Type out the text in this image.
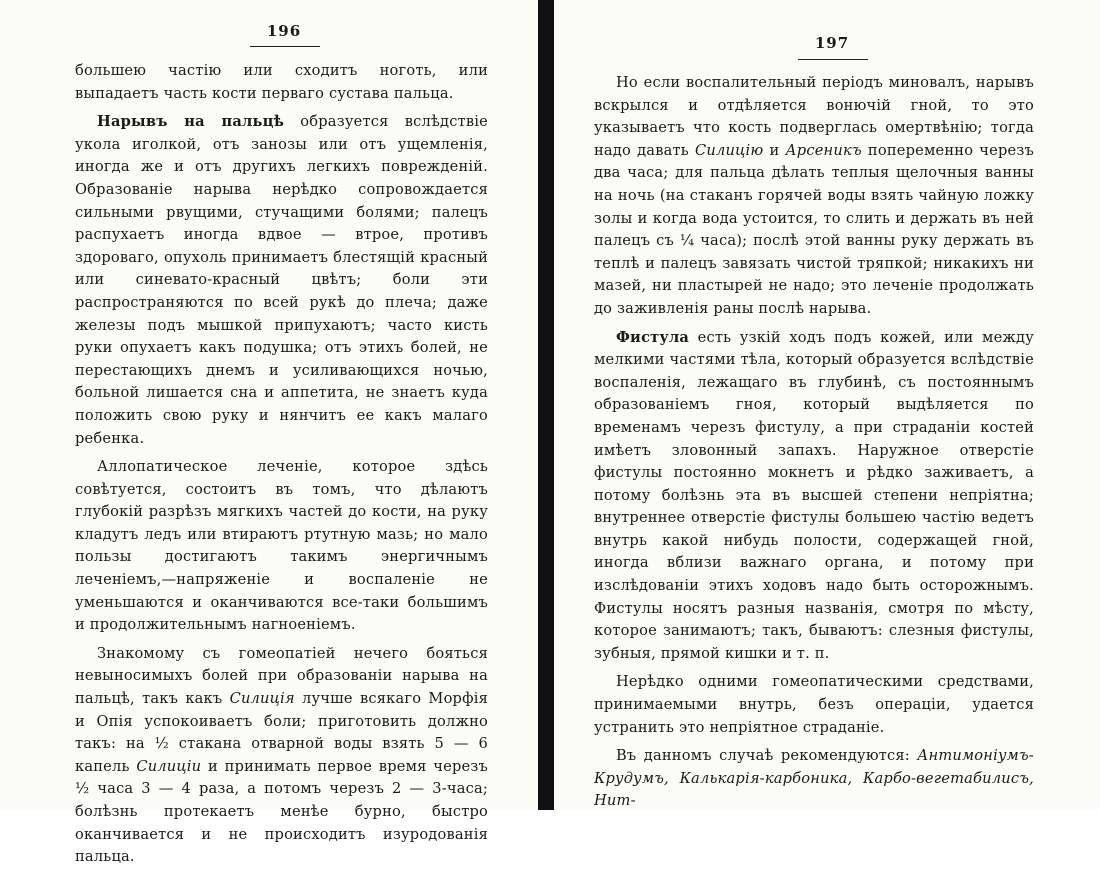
196

большею частію или сходитъ ноготь, или выпадаетъ часть кости перваго сустава пальца.

Нарывъ на пальцѣ образуется вслѣдствіе укола иголкой, отъ занозы или отъ ущемленія, иногда же и отъ другихъ легкихъ поврежденій. Образованіе нарыва нерѣдко сопровождается сильными рвущими, стучащими болями; палецъ распухаетъ иногда вдвое — втрое, противъ здороваго, опухоль принимаетъ блестящій красный или синевато-красный цвѣтъ; боли эти распространяются по всей рукѣ до плеча; даже железы подъ мышкой припухаютъ; часто кисть руки опухаетъ какъ подушка; отъ этихъ болей, не перестающихъ днемъ и усиливающихся ночью, больной лишается сна и аппетита, не знаетъ куда положить свою руку и нянчитъ ее какъ малаго ребенка.

Аллопатическое леченіе, которое здѣсь совѣтуется, состоитъ въ томъ, что дѣлаютъ глубокій разрѣзъ мягкихъ частей до кости, на руку кладутъ ледъ или втираютъ ртутную мазь; но мало пользы достигаютъ такимъ энергичнымъ леченіемъ,—напряженіе и воспаленіе не уменьшаются и оканчиваются все-таки большимъ и продолжительнымъ нагноеніемъ.

Знакомому съ гомеопатіей нечего бояться невыносимыхъ болей при образованіи нарыва на пальцѣ, такъ какъ Силиція лучше всякаго Морфія и Опія успокоиваетъ боли; приготовить должно такъ: на ½ стакана отварной воды взять 5 — 6 капель Силиціи и принимать первое время черезъ ½ часа 3 — 4 раза, а потомъ черезъ 2 — 3-часа; болѣзнь протекаетъ менѣе бурно, быстро оканчивается и не происходитъ изуродованія пальца.

197

Но если воспалительный періодъ миновалъ, нарывъ вскрылся и отдѣляется вонючій гной, то это указываетъ что кость подверглась омертвѣнію; тогда надо давать Силицію и Арсеникъ попеременно черезъ два часа; для пальца дѣлать теплыя щелочныя ванны на ночь (на стаканъ горячей воды взять чайную ложку золы и когда вода устоится, то слить и держать въ ней палецъ съ ¼ часа); послѣ этой ванны руку держать въ теплѣ и палецъ завязать чистой тряпкой; никакихъ ни мазей, ни пластырей не надо; это леченіе продолжать до заживленія раны послѣ нарыва.

Фистула есть узкій ходъ подъ кожей, или между мелкими частями тѣла, который образуется вслѣдствіе воспаленія, лежащаго въ глубинѣ, съ постояннымъ образованіемъ гноя, который выдѣляется по временамъ черезъ фистулу, а при страданіи костей имѣетъ зловонный запахъ. Наружное отверстіе фистулы постоянно мокнетъ и рѣдко заживаетъ, а потому болѣзнь эта въ высшей степени непріятна; внутреннее отверстіе фистулы большею частію ведетъ внутрь какой нибудь полости, содержащей гной, иногда вблизи важнаго органа, и потому при изслѣдованіи этихъ ходовъ надо быть осторожнымъ. Фистулы носятъ разныя названія, смотря по мѣсту, которое занимаютъ; такъ, бываютъ: слезныя фистулы, зубныя, прямой кишки и т. п.

Нерѣдко одними гомеопатическими средствами, принимаемыми внутрь, безъ операціи, удается устранить это непріятное страданіе.

Въ данномъ случаѣ рекомендуются: Антимоніумъ-Крудумъ, Калькарія-карбоника, Карбо-вегетабилисъ, Нит-
